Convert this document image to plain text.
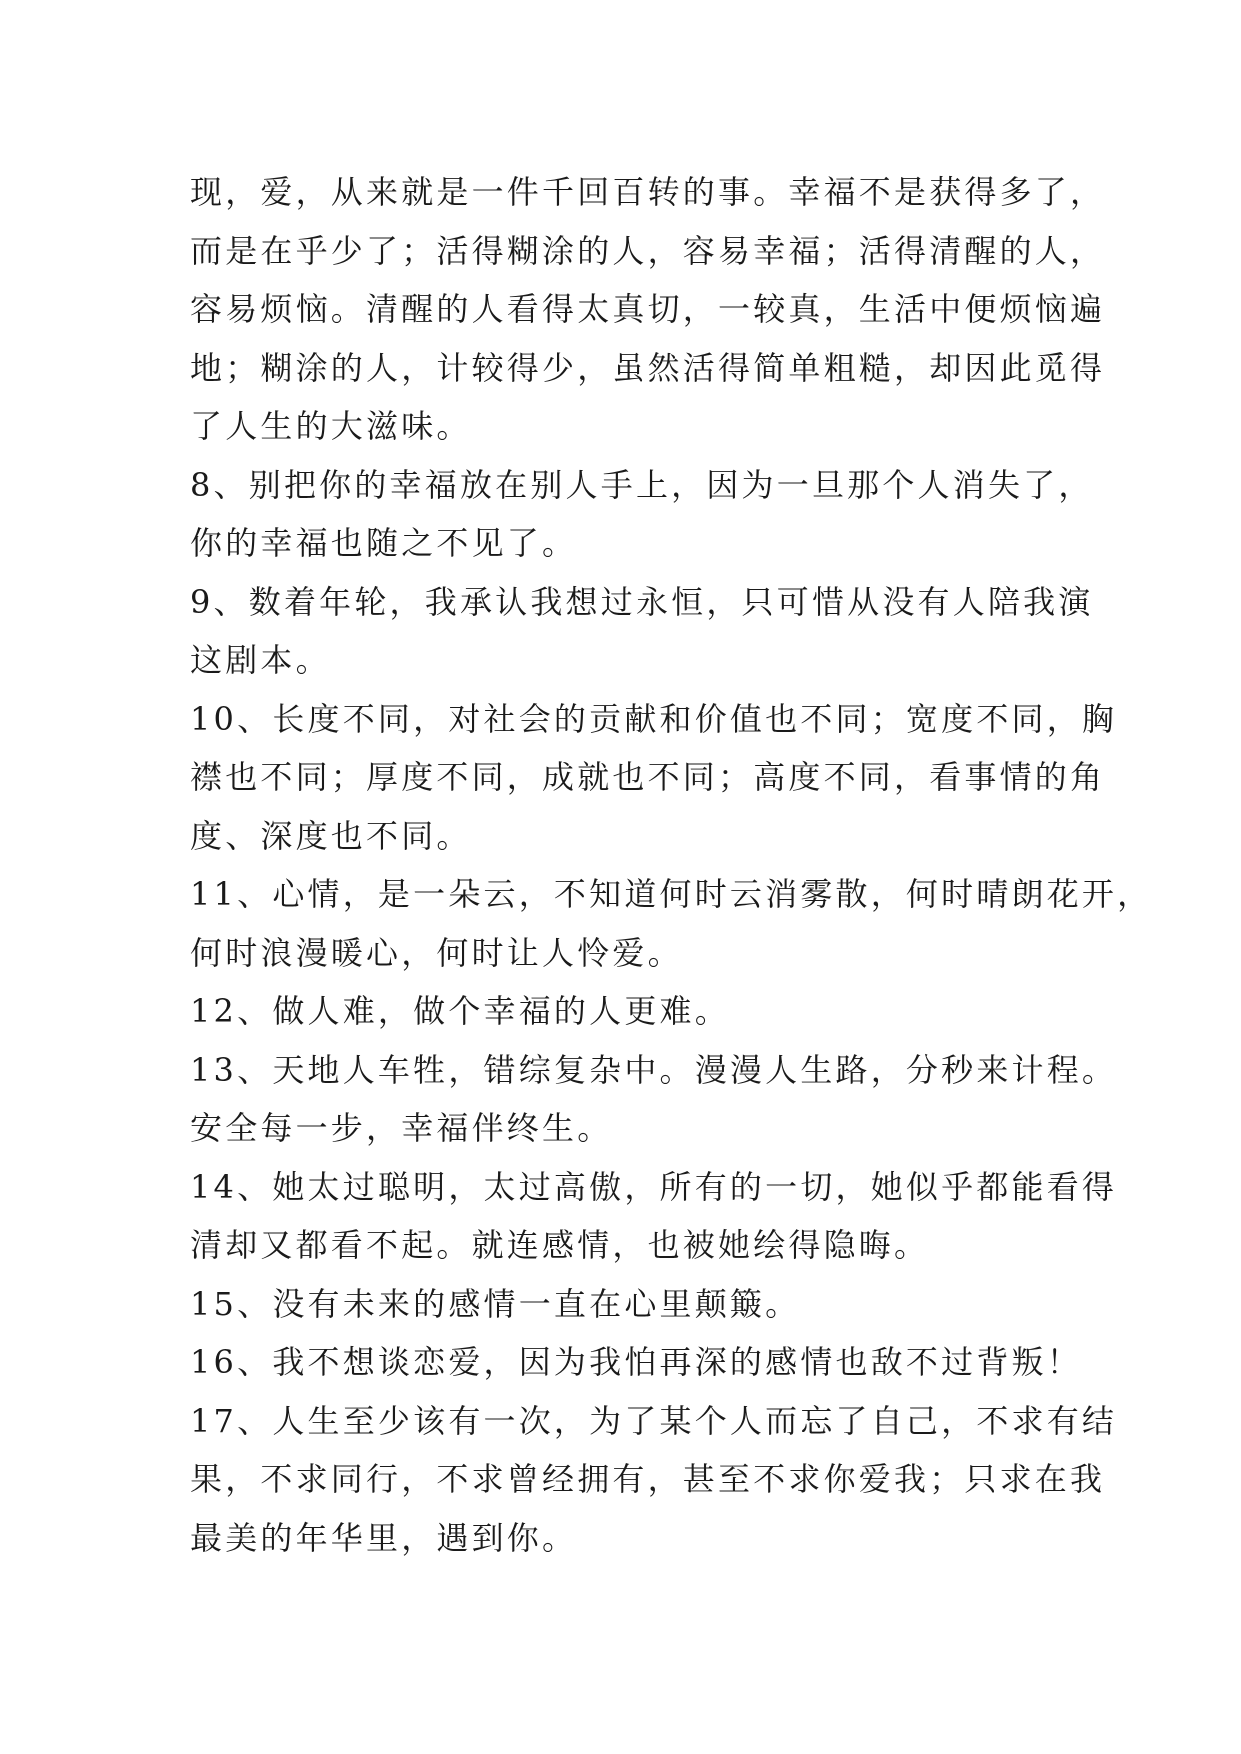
现，爱，从来就是一件千回百转的事。幸福不是获得多了，
而是在乎少了；活得糊涂的人，容易幸福；活得清醒的人，
容易烦恼。清醒的人看得太真切，一较真，生活中便烦恼遍
地；糊涂的人，计较得少，虽然活得简单粗糙，却因此觅得
了人生的大滋味。
8、别把你的幸福放在别人手上，因为一旦那个人消失了，
你的幸福也随之不见了。
9、数着年轮，我承认我想过永恒，只可惜从没有人陪我演
这剧本。
10、长度不同，对社会的贡献和价值也不同；宽度不同，胸
襟也不同；厚度不同，成就也不同；高度不同，看事情的角
度、深度也不同。
11、心情，是一朵云，不知道何时云消雾散，何时晴朗花开，
何时浪漫暖心，何时让人怜爱。
12、做人难，做个幸福的人更难。
13、天地人车牲，错综复杂中。漫漫人生路，分秒来计程。
安全每一步，幸福伴终生。
14、她太过聪明，太过高傲，所有的一切，她似乎都能看得
清却又都看不起。就连感情，也被她绘得隐晦。
15、没有未来的感情一直在心里颠簸。
16、我不想谈恋爱，因为我怕再深的感情也敌不过背叛！
17、人生至少该有一次，为了某个人而忘了自己，不求有结
果，不求同行，不求曾经拥有，甚至不求你爱我；只求在我
最美的年华里，遇到你。
